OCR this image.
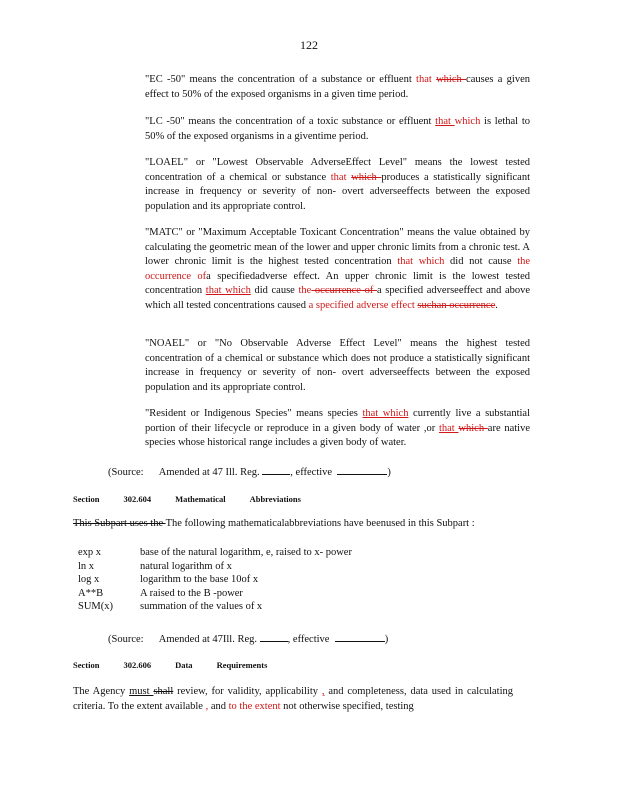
122
"EC -50" means the concentration of a substance or effluent that which causes a given effect to 50% of the exposed organisms in a given time period.
"LC -50" means the concentration of a toxic substance or effluent that which is lethal to 50% of the exposed organisms in a giventime period.
"LOAEL" or "Lowest Observable AdverseEffect Level" means the lowest tested concentration of a chemical or substance that which produces a statistically significant increase in frequency or severity of non- overt adverseeffects between the exposed population and its appropriate control.
"MATC" or "Maximum Acceptable Toxicant Concentration" means the value obtained by calculating the geometric mean of the lower and upper chronic limits from a chronic test. A lower chronic limit is the highest tested concentration that which did not cause the occurrence ofa specifiedadverse effect. An upper chronic limit is the lowest tested concentration that which did cause the occurrence of a specified adverseeffect and above which all tested concentrations caused a specified adverse effect suchan occurrence.
"NOAEL" or "No Observable Adverse Effect Level" means the highest tested concentration of a chemical or substance which does not produce a statistically significant increase in frequency or severity of non- overt adverseeffects between the exposed population and its appropriate control.
"Resident or Indigenous Species" means species that which currently live a substantial portion of their lifecycle or reproduce in a given body of water ,or that which are native species whose historical range includes a given body of water.
(Source: Amended at 47 Ill. Reg.	, effective	)
Section	302.604	Mathematical	Abbreviations
This Subpart uses the The following mathematicalabbreviations have beenused in this Subpart :
exp x	base of the natural logarithm, e, raised to x- power
ln x	natural logarithm of x
log x	logarithm to the base 10of x
A**B	A raised to the B -power
SUM(x)	summation of the values of x
(Source: Amended at 47Ill. Reg.	, effective	)
Section	302.606	Data	Requirements
The Agency must shall review, for validity, applicability , and completeness, data used in calculating criteria. To the extent available , and to the extent not otherwise specified, testing
